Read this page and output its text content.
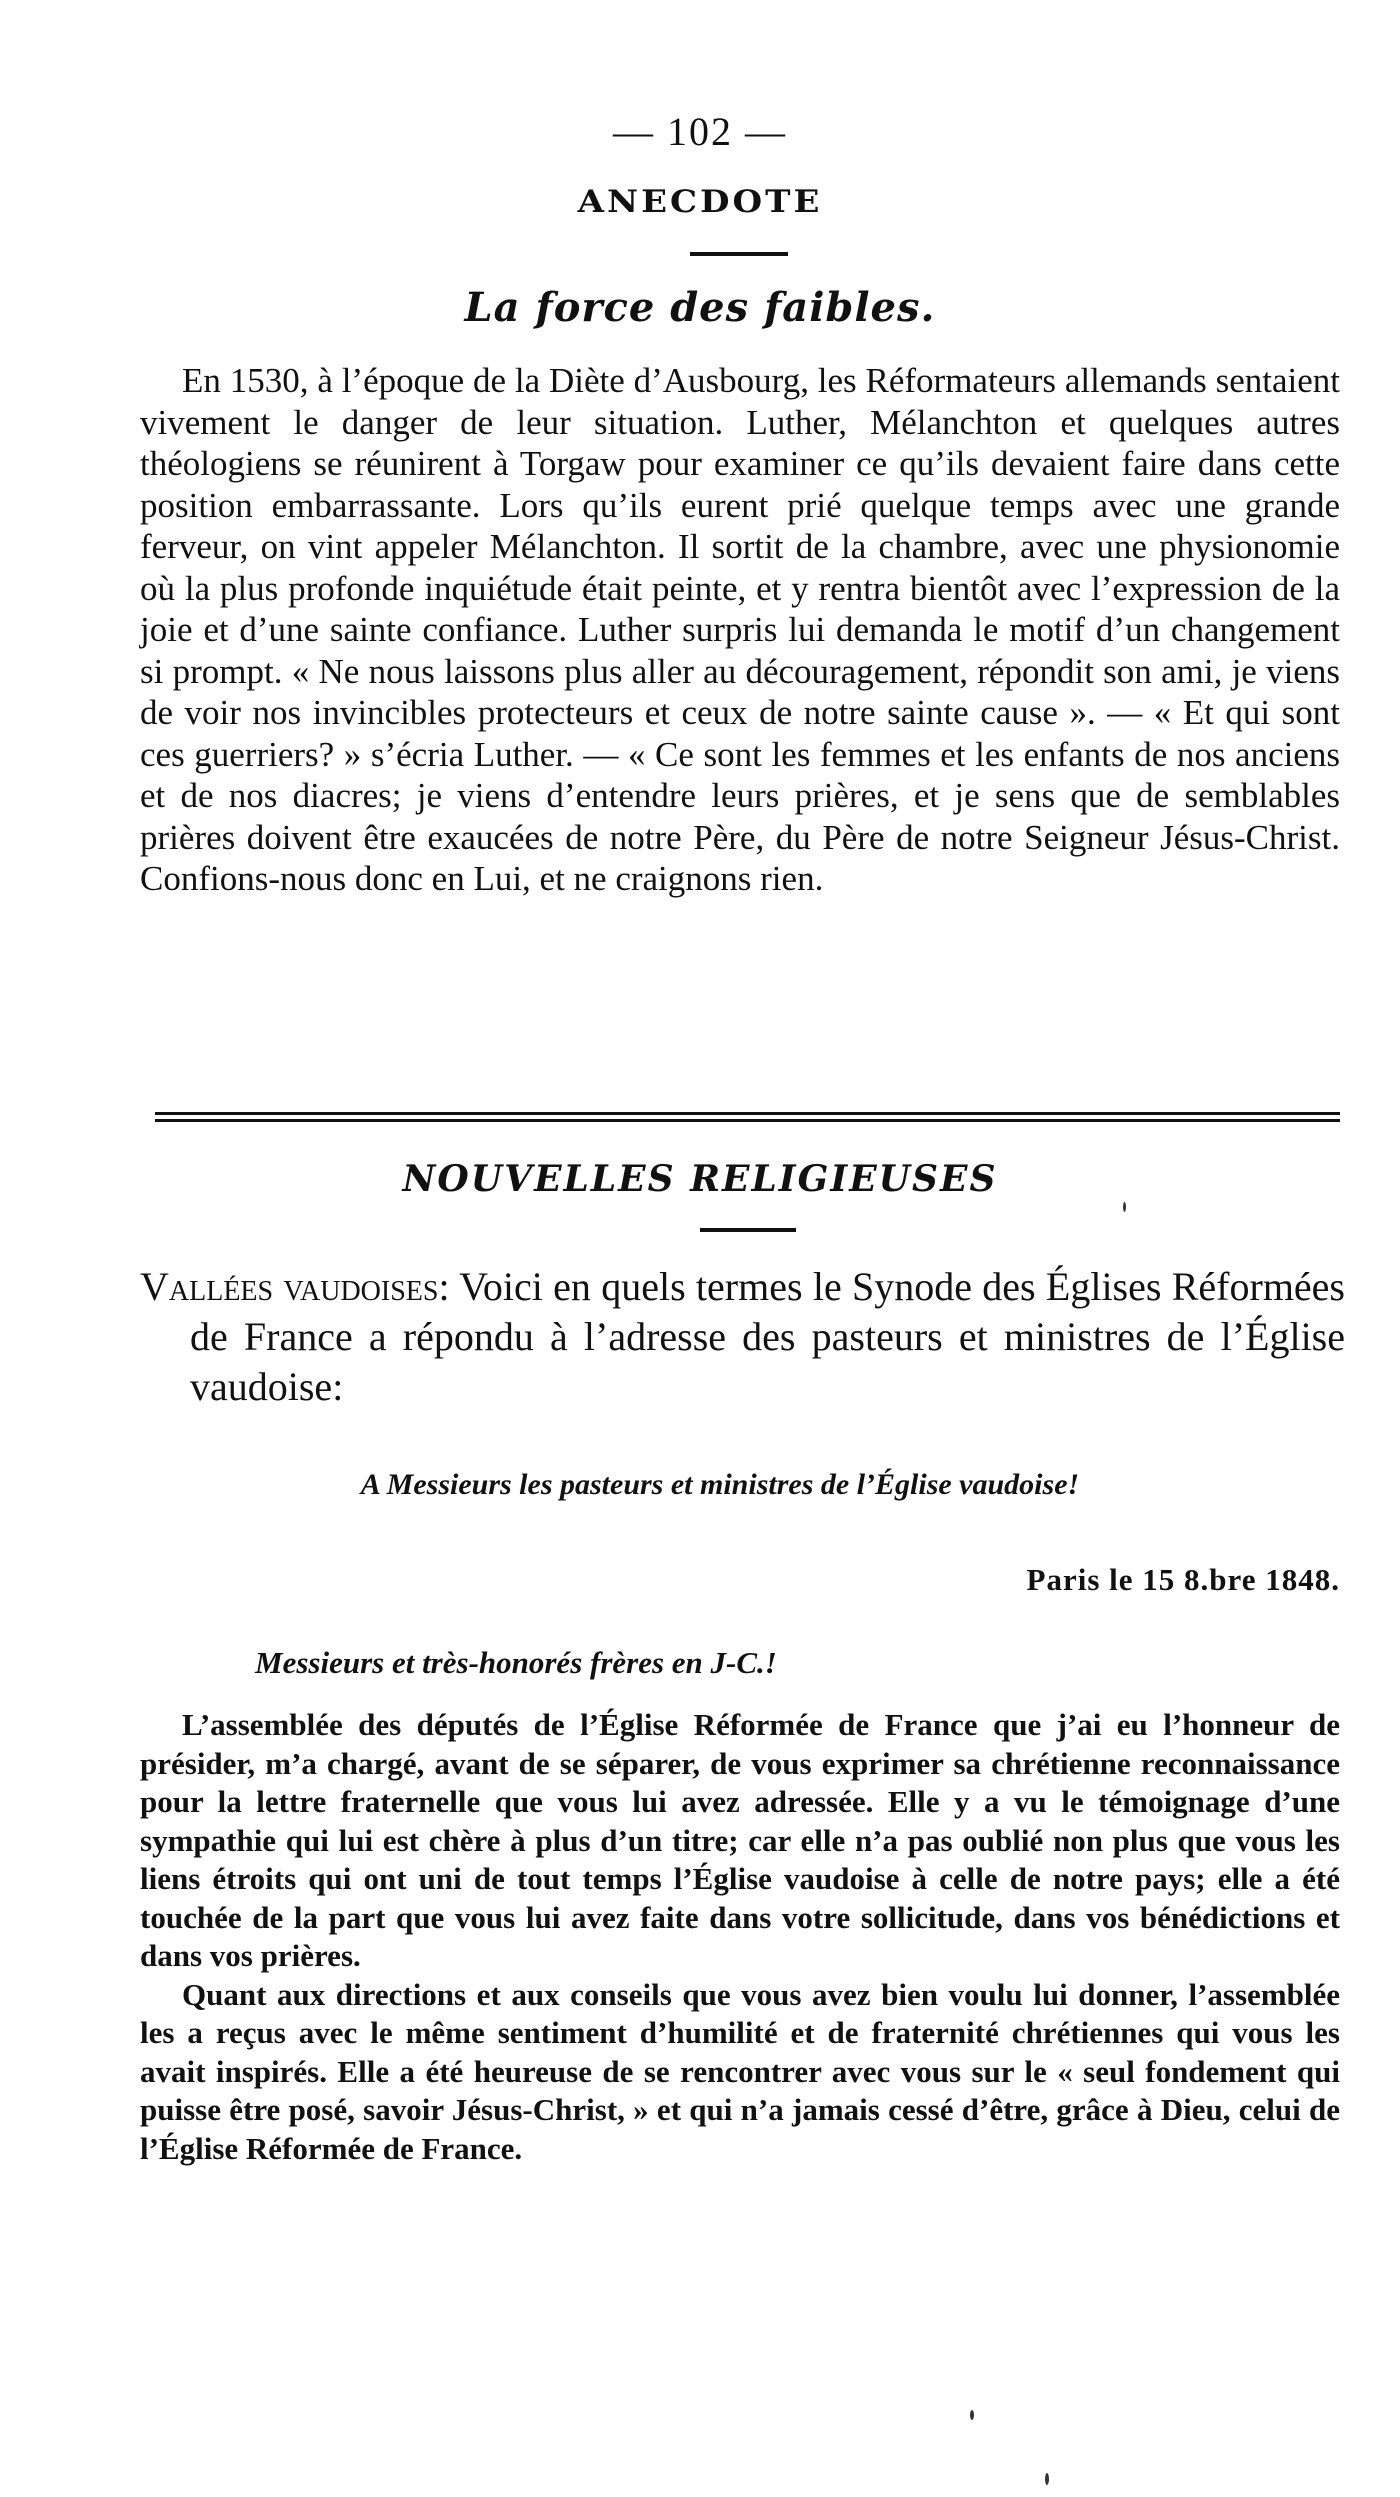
— 102 —
ANECDOTE
La force des faibles.

En 1530, à l’époque de la Diète d’Ausbourg, les Réformateurs allemands sentaient vivement le danger de leur situation. Luther, Mélanchton et quelques autres théologiens se réunirent à Torgaw pour examiner ce qu’ils devaient faire dans cette position embarrassante. Lors qu’ils eurent prié quelque temps avec une grande ferveur, on vint appeler Mélanchton. Il sortit de la chambre, avec une physionomie où la plus profonde inquiétude était peinte, et y rentra bientôt avec l’expression de la joie et d’une sainte confiance. Luther surpris lui demanda le motif d’un changement si prompt. « Ne nous laissons plus aller au découragement, répondit son ami, je viens de voir nos invincibles protecteurs et ceux de notre sainte cause ». — « Et qui sont ces guerriers? » s’écria Luther. — « Ce sont les femmes et les enfants de nos anciens et de nos diacres; je viens d’entendre leurs prières, et je sens que de semblables prières doivent être exaucées de notre Père, du Père de notre Seigneur Jésus-Christ. Confions-nous donc en Lui, et ne craignons rien.

NOUVELLES RELIGIEUSES
Vallées vaudoises: Voici en quels termes le Synode des Églises Réformées de France a répondu à l’adresse des pasteurs et ministres de l’Église vaudoise:
A Messieurs les pasteurs et ministres de l’Église vaudoise!
Paris le 15 8.bre 1848.
Messieurs et très-honorés frères en J-C.!

L’assemblée des députés de l’Église Réformée de France que j’ai eu l’honneur de présider, m’a chargé, avant de se séparer, de vous exprimer sa chrétienne reconnaissance pour la lettre fraternelle que vous lui avez adressée. Elle y a vu le témoignage d’une sympathie qui lui est chère à plus d’un titre; car elle n’a pas oublié non plus que vous les liens étroits qui ont uni de tout temps l’Église vaudoise à celle de notre pays; elle a été touchée de la part que vous lui avez faite dans votre sollicitude, dans vos bénédictions et dans vos prières.

Quant aux directions et aux conseils que vous avez bien voulu lui donner, l’assemblée les a reçus avec le même sentiment d’humilité et de fraternité chrétiennes qui vous les avait inspirés. Elle a été heureuse de se rencontrer avec vous sur le « seul fondement qui puisse être posé, savoir Jésus-Christ, » et qui n’a jamais cessé d’être, grâce à Dieu, celui de l’Église Réformée de France.
